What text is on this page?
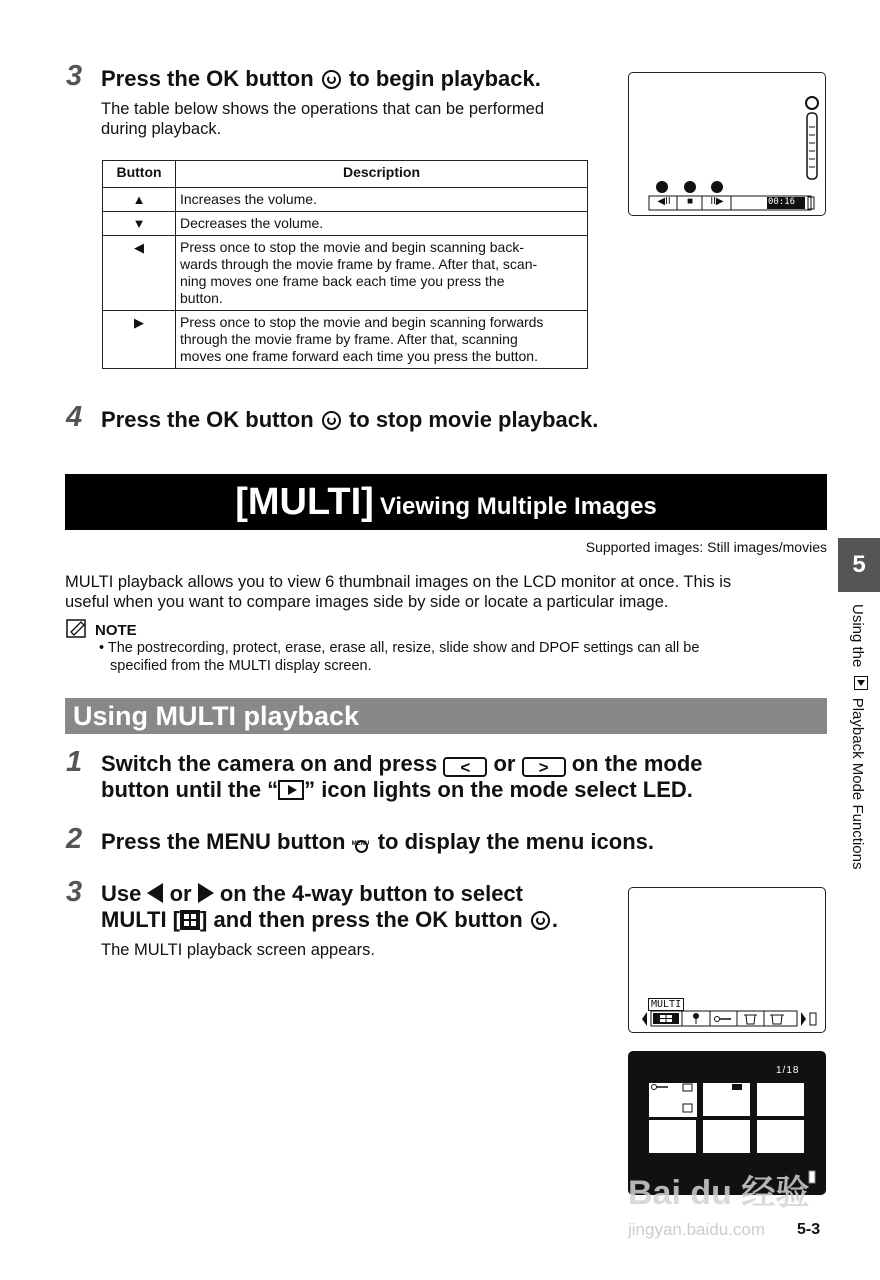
3 Press the OK button to begin playback.
The table below shows the operations that can be performed
during playback.
Button	Description
▲	Increases the volume.
▼	Decreases the volume.
◀	Press once to stop the movie and begin scanning back-
wards through the movie frame by frame. After that, scan-
ning moves one frame back each time you press the
button.

▶	Press once to stop the movie and begin scanning forwards
through the movie frame by frame. After that, scanning
moves one frame forward each time you press the button.
◀II	■	II▶	00:16
4 Press the OK button to stop movie playback.
[MULTI] Viewing Multiple Images
Supported images: Still images/movies
MULTI playback allows you to view 6 thumbnail images on the LCD monitor at once. This is
useful when you want to compare images side by side or locate a particular image.
NOTE
• The postrecording, protect, erase, erase all, resize, slide show and DPOF settings can all be
specified from the MULTI display screen.
Using MULTI playback
1 Switch the camera on and press < or > on the mode
button until the “ ” icon lights on the mode select LED.
2 Press the MENU button MENU to display the menu icons.
3 Use or on the 4-way button to select
MULTI [ ] and then press the OK button .
The MULTI playback screen appears.
MULTI
1/18
Bai du 经验
jingyan.baidu.com
5
Using the  Playback Mode Functions
5-3
